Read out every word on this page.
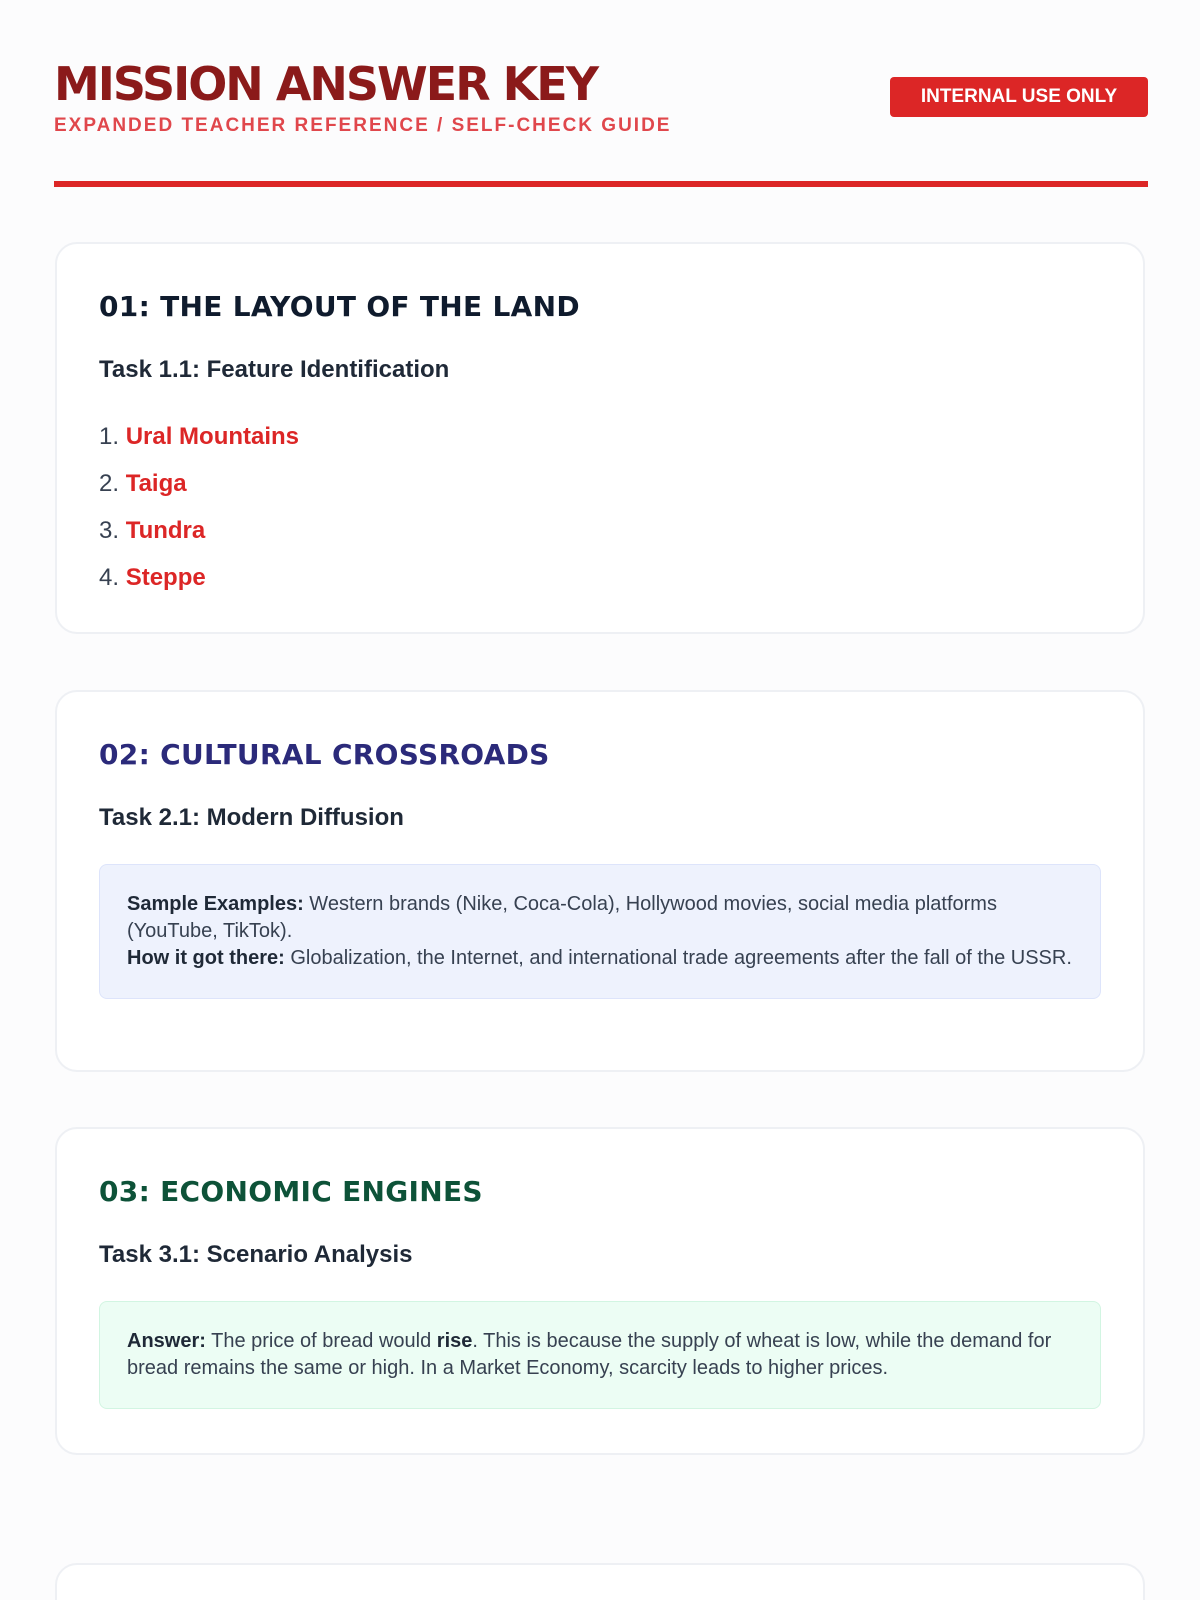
MISSION ANSWER KEY
EXPANDED TEACHER REFERENCE / SELF-CHECK GUIDE
INTERNAL USE ONLY
01: THE LAYOUT OF THE LAND
Task 1.1: Feature Identification
1. Ural Mountains
2. Taiga
3. Tundra
4. Steppe
02: CULTURAL CROSSROADS
Task 2.1: Modern Diffusion
Sample Examples: Western brands (Nike, Coca-Cola), Hollywood movies, social media platforms (YouTube, TikTok).
How it got there: Globalization, the Internet, and international trade agreements after the fall of the USSR.
03: ECONOMIC ENGINES
Task 3.1: Scenario Analysis
Answer: The price of bread would rise. This is because the supply of wheat is low, while the demand for bread remains the same or high. In a Market Economy, scarcity leads to higher prices.
